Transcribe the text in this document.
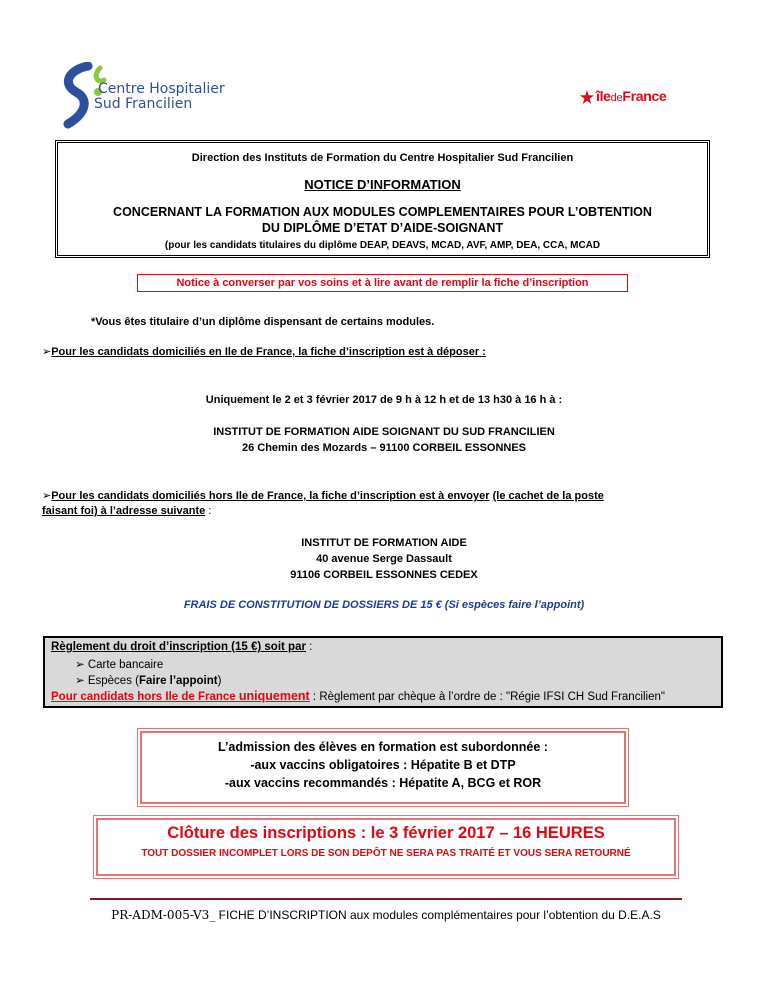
Centre Hospitalier
Sud Francilien	îledeFrance
Direction des Instituts de Formation du Centre Hospitalier Sud Francilien
NOTICE D’INFORMATION
CONCERNANT LA FORMATION AUX MODULES COMPLEMENTAIRES POUR L’OBTENTION
DU DIPLÔME D’ETAT D’AIDE-SOIGNANT
(pour les candidats titulaires du diplôme DEAP, DEAVS, MCAD, AVF, AMP, DEA, CCA, MCAD
Notice à converser par vos soins et à lire avant de remplir la fiche d’inscription
*Vous êtes titulaire d’un diplôme dispensant de certains modules.
➢Pour les candidats domiciliés en Ile de France, la fiche d’inscription est à déposer :
Uniquement le 2 et 3 février 2017 de 9 h à 12 h et de 13 h30 à 16 h à :
INSTITUT DE FORMATION AIDE SOIGNANT DU SUD FRANCILIEN
26 Chemin des Mozards – 91100 CORBEIL ESSONNES
➢Pour les candidats domiciliés hors Ile de France, la fiche d’inscription est à envoyer (le cachet de la poste
faisant foi) à l’adresse suivante :
INSTITUT DE FORMATION AIDE
40 avenue Serge Dassault
91106 CORBEIL ESSONNES CEDEX
FRAIS DE CONSTITUTION DE DOSSIERS DE 15 € (Si espèces faire l’appoint)
Règlement du droit d’inscription (15 €) soit par :
➢ Carte bancaire
➢ Espèces (Faire l’appoint)
Pour candidats hors Ile de France uniquement : Règlement par chèque à l’ordre de : "Régie IFSI CH Sud Francilien"
L’admission des élèves en formation est subordonnée :
-aux vaccins obligatoires : Hépatite B et DTP
-aux vaccins recommandés : Hépatite A, BCG et ROR
Clôture des inscriptions : le 3 février 2017 – 16 HEURES
TOUT DOSSIER INCOMPLET LORS DE SON DEPÔT NE SERA PAS TRAITÉ ET VOUS SERA RETOURNÉ
PR-ADM-005-V3_ FICHE D’INSCRIPTION aux modules complémentaires pour l’obtention du D.E.A.S
